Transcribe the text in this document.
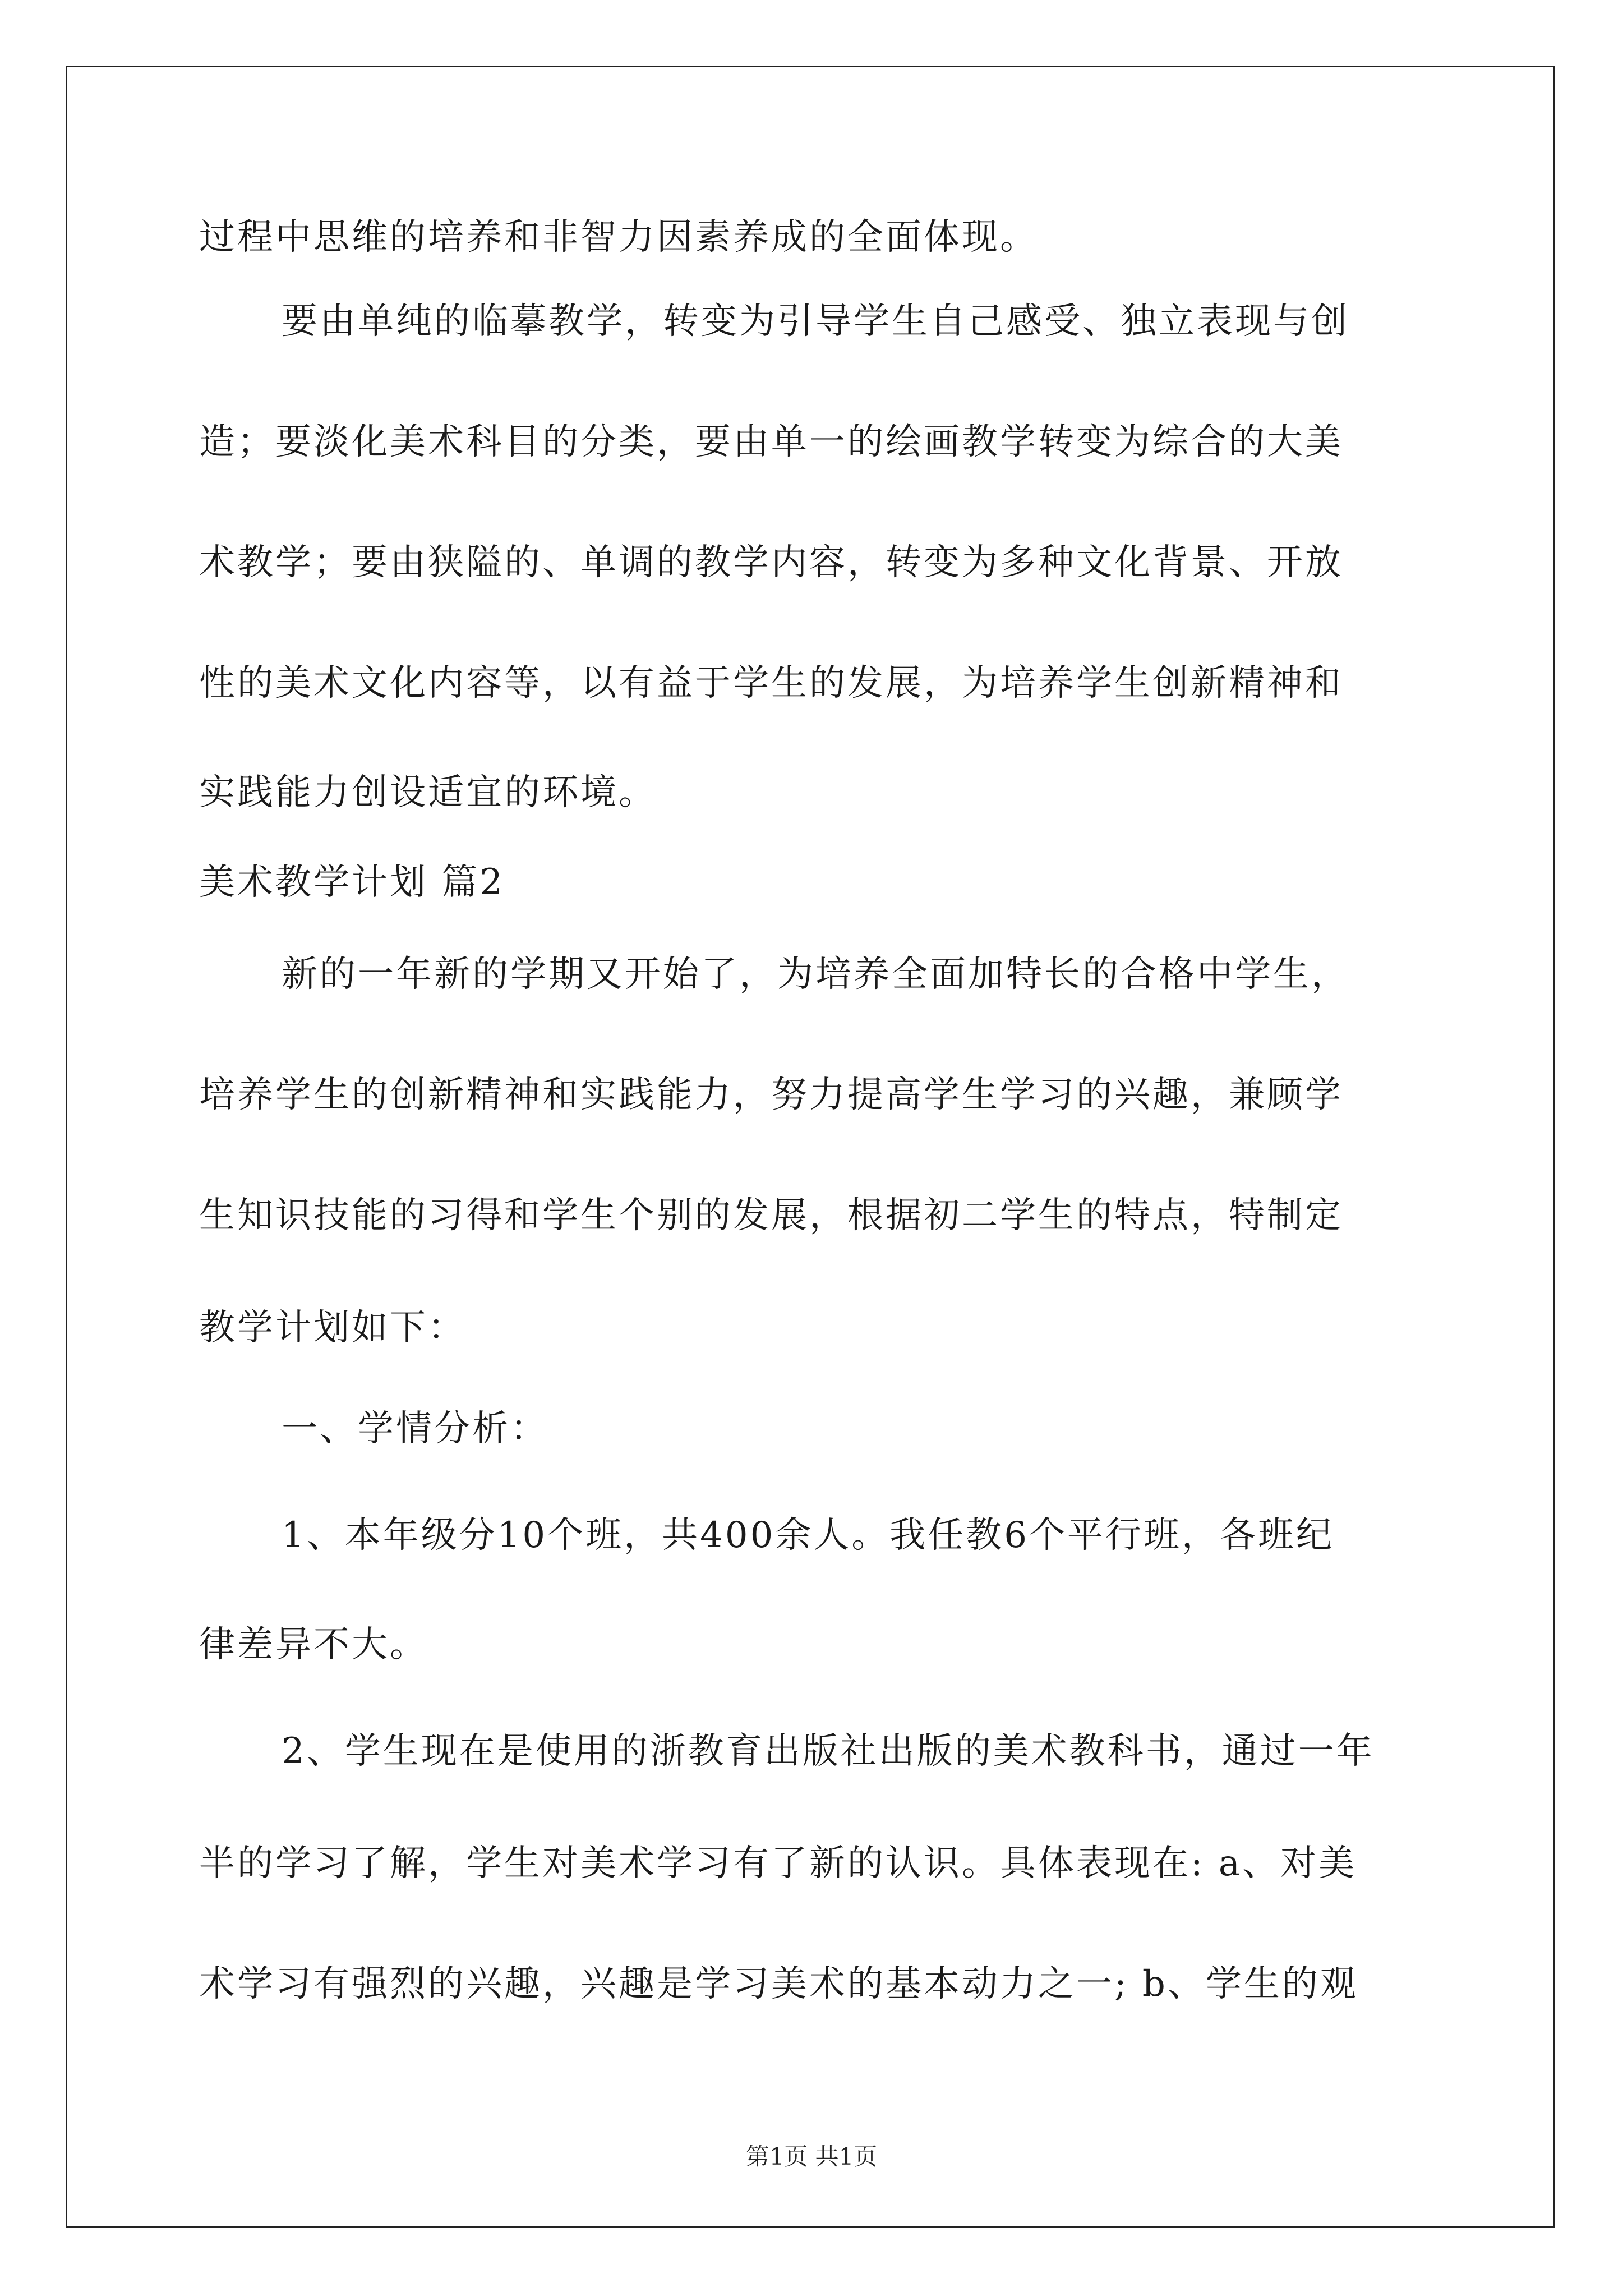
过程中思维的培养和非智力因素养成的全面体现。
要由单纯的临摹教学，转变为引导学生自己感受、独立表现与创
造；要淡化美术科目的分类，要由单一的绘画教学转变为综合的大美
术教学；要由狭隘的、单调的教学内容，转变为多种文化背景、开放
性的美术文化内容等，以有益于学生的发展，为培养学生创新精神和
实践能力创设适宜的环境。
美术教学计划 篇2
新的一年新的学期又开始了，为培养全面加特长的合格中学生，
培养学生的创新精神和实践能力，努力提高学生学习的兴趣，兼顾学
生知识技能的习得和学生个别的发展，根据初二学生的特点，特制定
教学计划如下：
一、学情分析：
1、本年级分10个班，共400余人。我任教6个平行班，各班纪
律差异不大。
2、学生现在是使用的浙教育出版社出版的美术教科书，通过一年
半的学习了解，学生对美术学习有了新的认识。具体表现在: a、对美
术学习有强烈的兴趣，兴趣是学习美术的基本动力之一; b、学生的观
第1页 共1页
